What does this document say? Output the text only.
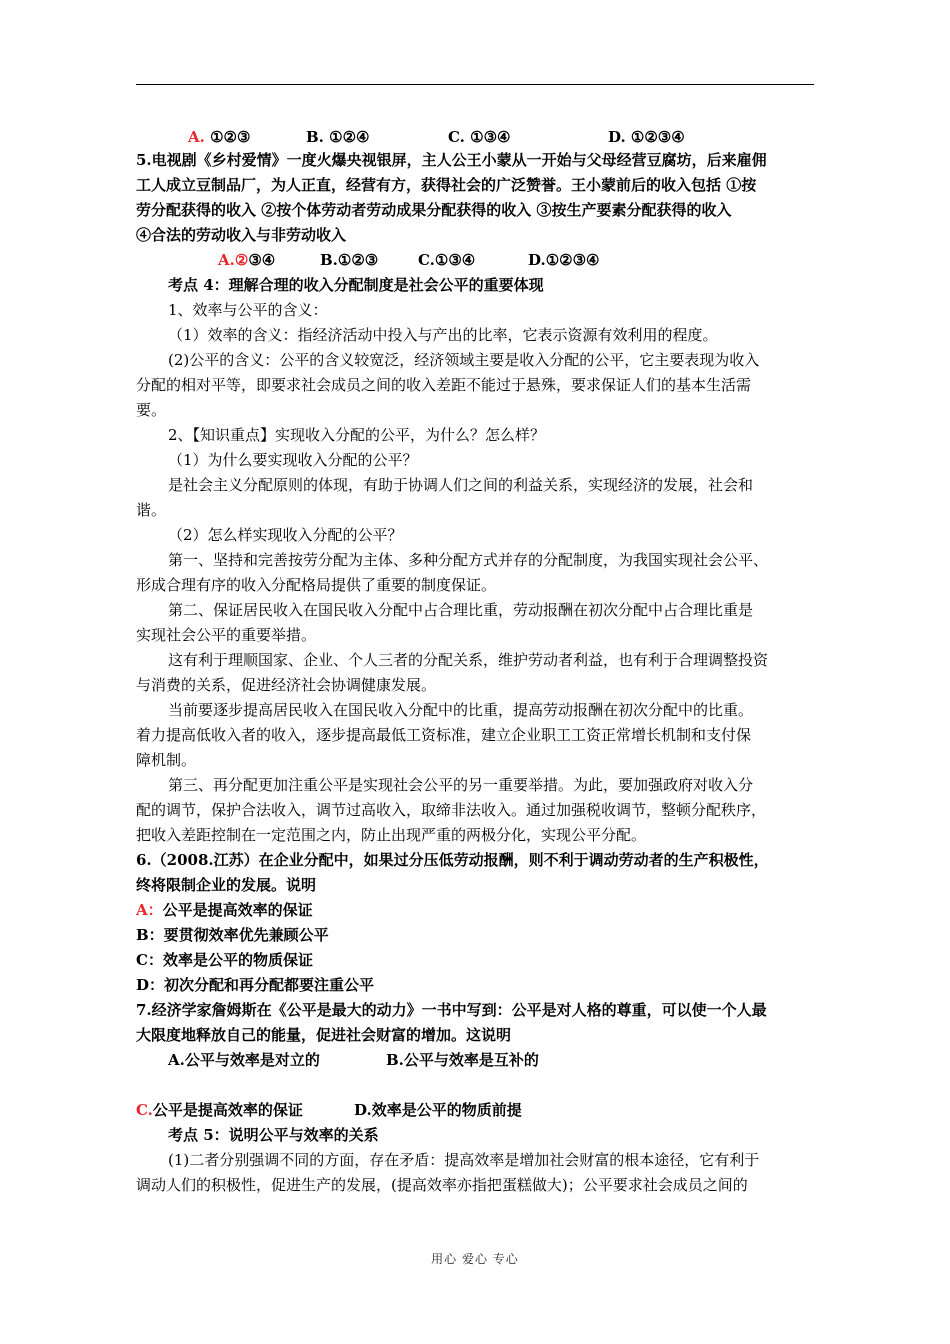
A. ①②③	B. ①②④	C. ①③④	D. ①②③④
5.电视剧《乡村爱情》一度火爆央视银屏，主人公王小蒙从一开始与父母经营豆腐坊，后来雇佣
工人成立豆制品厂，为人正直，经营有方，获得社会的广泛赞誉。王小蒙前后的收入包括 ①按
劳分配获得的收入 ②按个体劳动者劳动成果分配获得的收入 ③按生产要素分配获得的收入
④合法的劳动收入与非劳动收入
A.②③④	B.①②③	C.①③④	D.①②③④
考点 4：理解合理的收入分配制度是社会公平的重要体现
1、效率与公平的含义：
（1）效率的含义：指经济活动中投入与产出的比率，它表示资源有效利用的程度。
(2)公平的含义：公平的含义较宽泛，经济领域主要是收入分配的公平，它主要表现为收入
分配的相对平等，即要求社会成员之间的收入差距不能过于悬殊，要求保证人们的基本生活需
要。
2、【知识重点】实现收入分配的公平，为什么？怎么样？
（1）为什么要实现收入分配的公平？
是社会主义分配原则的体现，有助于协调人们之间的利益关系，实现经济的发展，社会和
谐。
（2）怎么样实现收入分配的公平？
第一、坚持和完善按劳分配为主体、多种分配方式并存的分配制度，为我国实现社会公平、
形成合理有序的收入分配格局提供了重要的制度保证。
第二、保证居民收入在国民收入分配中占合理比重，劳动报酬在初次分配中占合理比重是
实现社会公平的重要举措。
这有利于理顺国家、企业、个人三者的分配关系，维护劳动者利益，也有利于合理调整投资
与消费的关系，促进经济社会协调健康发展。
当前要逐步提高居民收入在国民收入分配中的比重，提高劳动报酬在初次分配中的比重。
着力提高低收入者的收入，逐步提高最低工资标准，建立企业职工工资正常增长机制和支付保
障机制。
第三、再分配更加注重公平是实现社会公平的另一重要举措。为此，要加强政府对收入分
配的调节，保护合法收入，调节过高收入，取缔非法收入。通过加强税收调节，整顿分配秩序，
把收入差距控制在一定范围之内，防止出现严重的两极分化，实现公平分配。
6.（2008.江苏）在企业分配中，如果过分压低劳动报酬，则不利于调动劳动者的生产积极性，
终将限制企业的发展。说明
A：公平是提高效率的保证
B：要贯彻效率优先兼顾公平
C：效率是公平的物质保证
D：初次分配和再分配都要注重公平
7.经济学家詹姆斯在《公平是最大的动力》一书中写到：公平是对人格的尊重，可以使一个人最
大限度地释放自己的能量，促进社会财富的增加。这说明
A.公平与效率是对立的	B.公平与效率是互补的
C.公平是提高效率的保证	D.效率是公平的物质前提
考点 5：说明公平与效率的关系
(1)二者分别强调不同的方面，存在矛盾：提高效率是增加社会财富的根本途径，它有利于
调动人们的积极性，促进生产的发展，(提高效率亦指把蛋糕做大)；公平要求社会成员之间的
用心 爱心 专心
